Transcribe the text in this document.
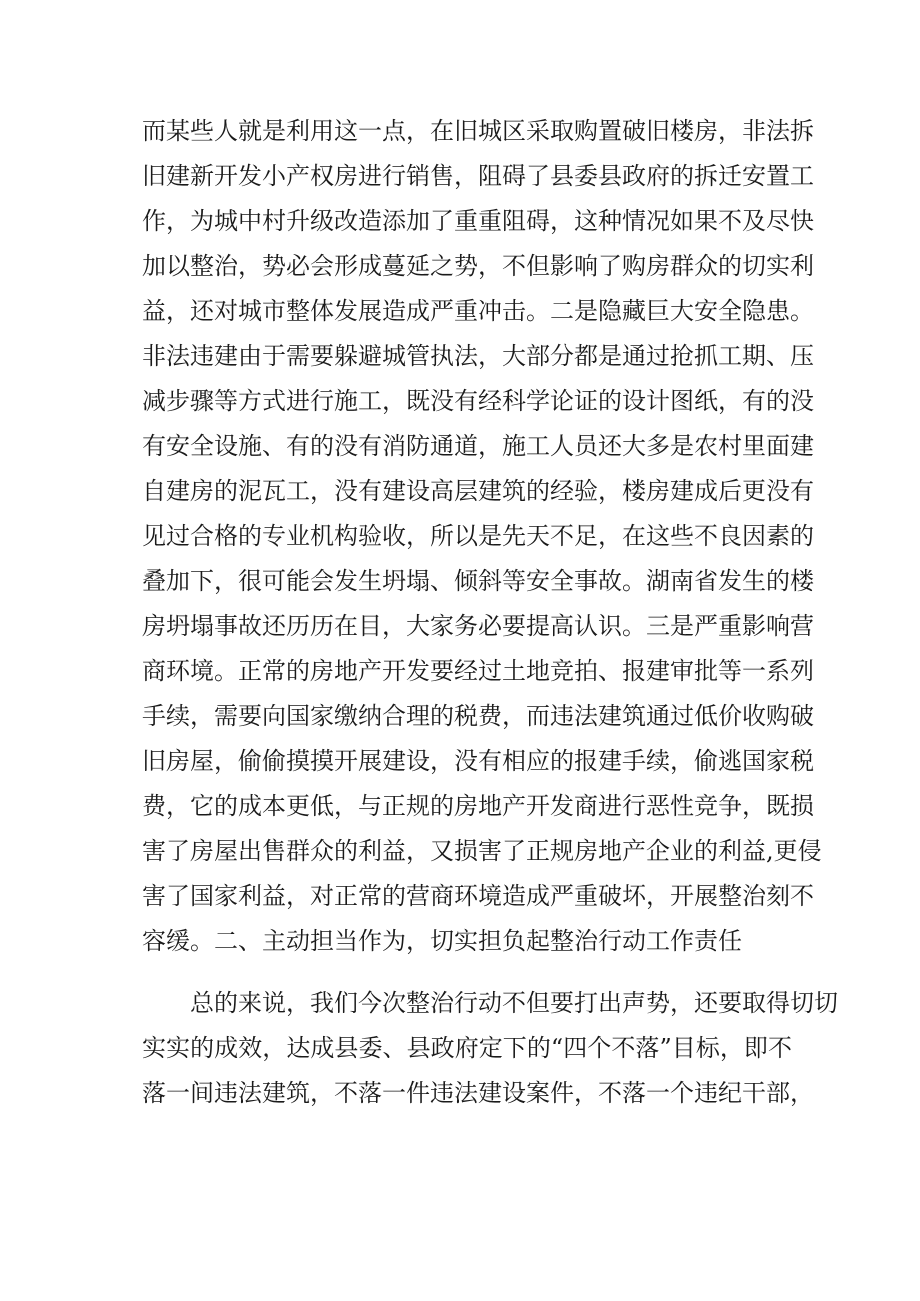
而某些人就是利用这一点，在旧城区采取购置破旧楼房，非法拆
旧建新开发小产权房进行销售，阻碍了县委县政府的拆迁安置工
作，为城中村升级改造添加了重重阻碍，这种情况如果不及尽快
加以整治，势必会形成蔓延之势，不但影响了购房群众的切实利
益，还对城市整体发展造成严重冲击。二是隐藏巨大安全隐患。
非法违建由于需要躲避城管执法，大部分都是通过抢抓工期、压
减步骤等方式进行施工，既没有经科学论证的设计图纸，有的没
有安全设施、有的没有消防通道，施工人员还大多是农村里面建
自建房的泥瓦工，没有建设高层建筑的经验，楼房建成后更没有
见过合格的专业机构验收，所以是先天不足，在这些不良因素的
叠加下，很可能会发生坍塌、倾斜等安全事故。湖南省发生的楼
房坍塌事故还历历在目，大家务必要提高认识。三是严重影响营
商环境。正常的房地产开发要经过土地竞拍、报建审批等一系列
手续，需要向国家缴纳合理的税费，而违法建筑通过低价收购破
旧房屋，偷偷摸摸开展建设，没有相应的报建手续，偷逃国家税
费，它的成本更低，与正规的房地产开发商进行恶性竞争，既损
害了房屋出售群众的利益，又损害了正规房地产企业的利益,更侵
害了国家利益，对正常的营商环境造成严重破坏，开展整治刻不
容缓。二、主动担当作为，切实担负起整治行动工作责任
总的来说，我们今次整治行动不但要打出声势，还要取得切切
实实的成效，达成县委、县政府定下的“四个不落”目标，即不
落一间违法建筑，不落一件违法建设案件，不落一个违纪干部，
